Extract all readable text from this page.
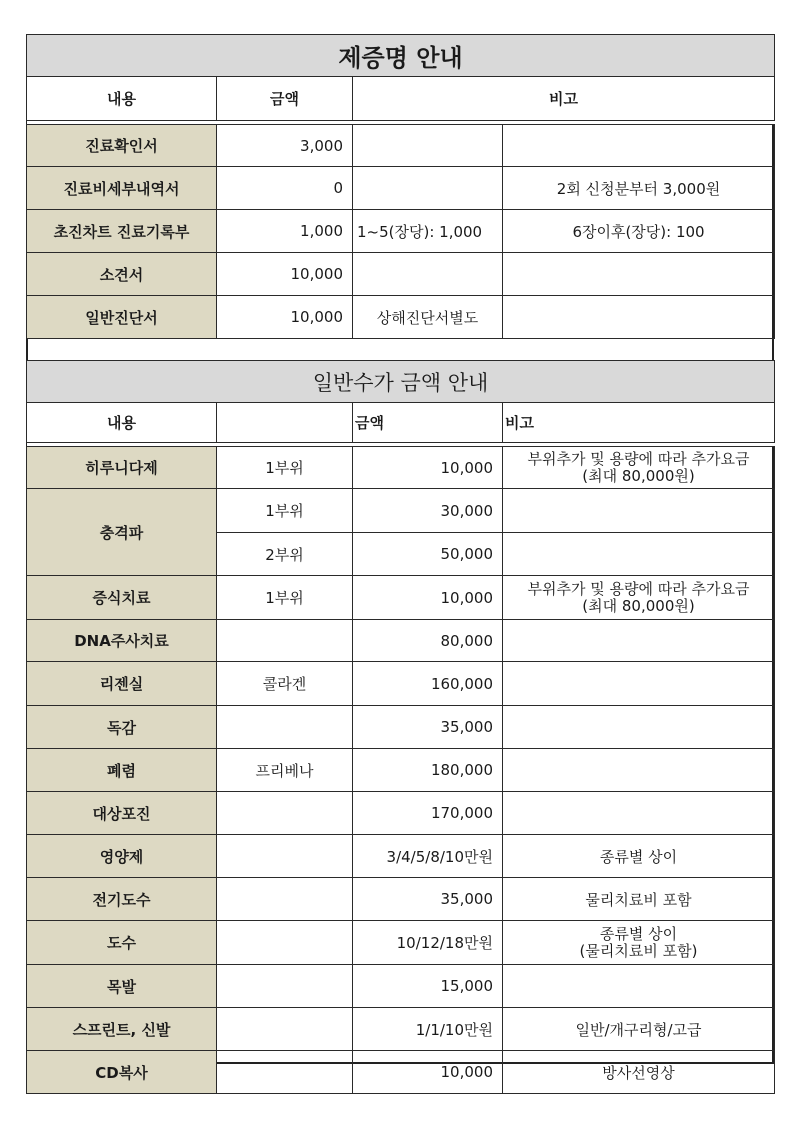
제증명 안내			
내용	금액	비고	

진료확인서	3,000		
진료비세부내역서	0		2회 신청분부터 3,000원
초진차트 진료기록부	1,000	1~5(장당): 1,000	6장이후(장당): 100
소견서	10,000		
일반진단서	10,000	상해진단서별도	
일반수가 금액 안내			
내용		금액	비고

히루니다제	1부위	10,000	부위추가 및 용량에 따라 추가요금
(최대 80,000원)

충격파	1부위	30,000	
	2부위	50,000	
증식치료	1부위	10,000	부위추가 및 용량에 따라 추가요금
(최대 80,000원)

DNA주사치료		80,000	
리젠실	콜라겐	160,000	
독감		35,000	
폐렴	프리베나	180,000	
대상포진		170,000	
영양제		3/4/5/8/10만원	종류별 상이
전기도수		35,000	물리치료비 포함
도수		10/12/18만원	종류별 상이
(물리치료비 포함)

목발		15,000	
스프린트, 신발		1/1/10만원	일반/개구리형/고급
CD복사		10,000	방사선영상
